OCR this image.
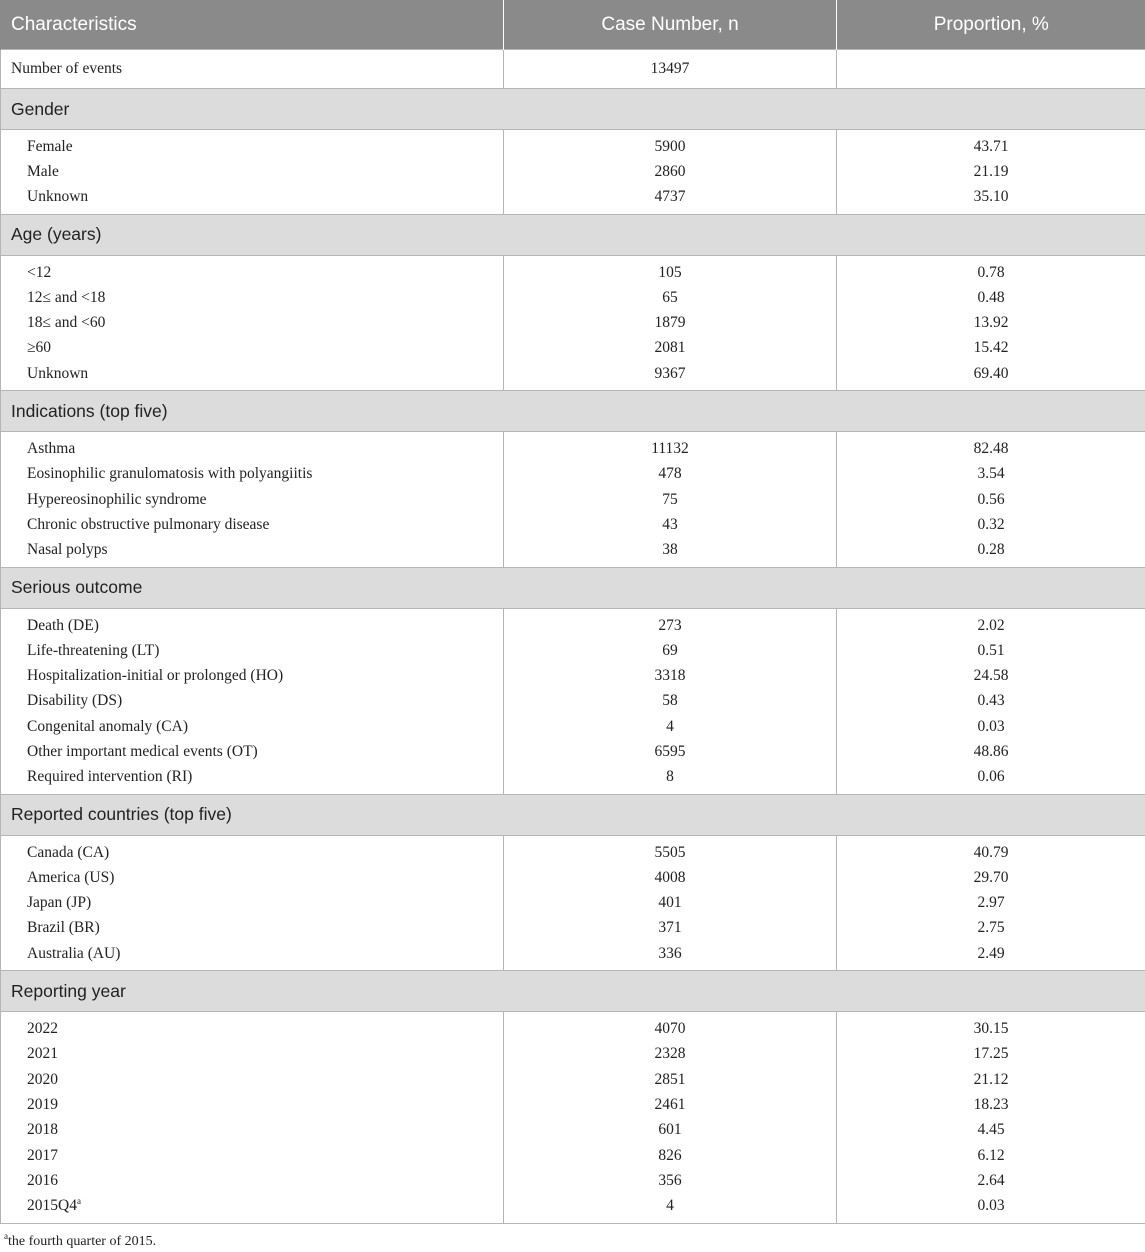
Characteristics	Case Number, n	Proportion, %
Number of events	13497	
Gender		
Female	5900	43.71
Male	2860	21.19
Unknown	4737	35.10
Age (years)		
<12	105	0.78
12≤ and <18	65	0.48
18≤ and <60	1879	13.92
≥60	2081	15.42
Unknown	9367	69.40
Indications (top five)		
Asthma	11132	82.48
Eosinophilic granulomatosis with polyangiitis	478	3.54
Hypereosinophilic syndrome	75	0.56
Chronic obstructive pulmonary disease	43	0.32
Nasal polyps	38	0.28
Serious outcome		
Death (DE)	273	2.02
Life-threatening (LT)	69	0.51
Hospitalization-initial or prolonged (HO)	3318	24.58
Disability (DS)	58	0.43
Congenital anomaly (CA)	4	0.03
Other important medical events (OT)	6595	48.86
Required intervention (RI)	8	0.06
Reported countries (top five)		
Canada (CA)	5505	40.79
America (US)	4008	29.70
Japan (JP)	401	2.97
Brazil (BR)	371	2.75
Australia (AU)	336	2.49
Reporting year		
2022	4070	30.15
2021	2328	17.25
2020	2851	21.12
2019	2461	18.23
2018	601	4.45
2017	826	6.12
2016	356	2.64
2015Q4$^a$	4	0.03
$^a$the fourth quarter of 2015.
